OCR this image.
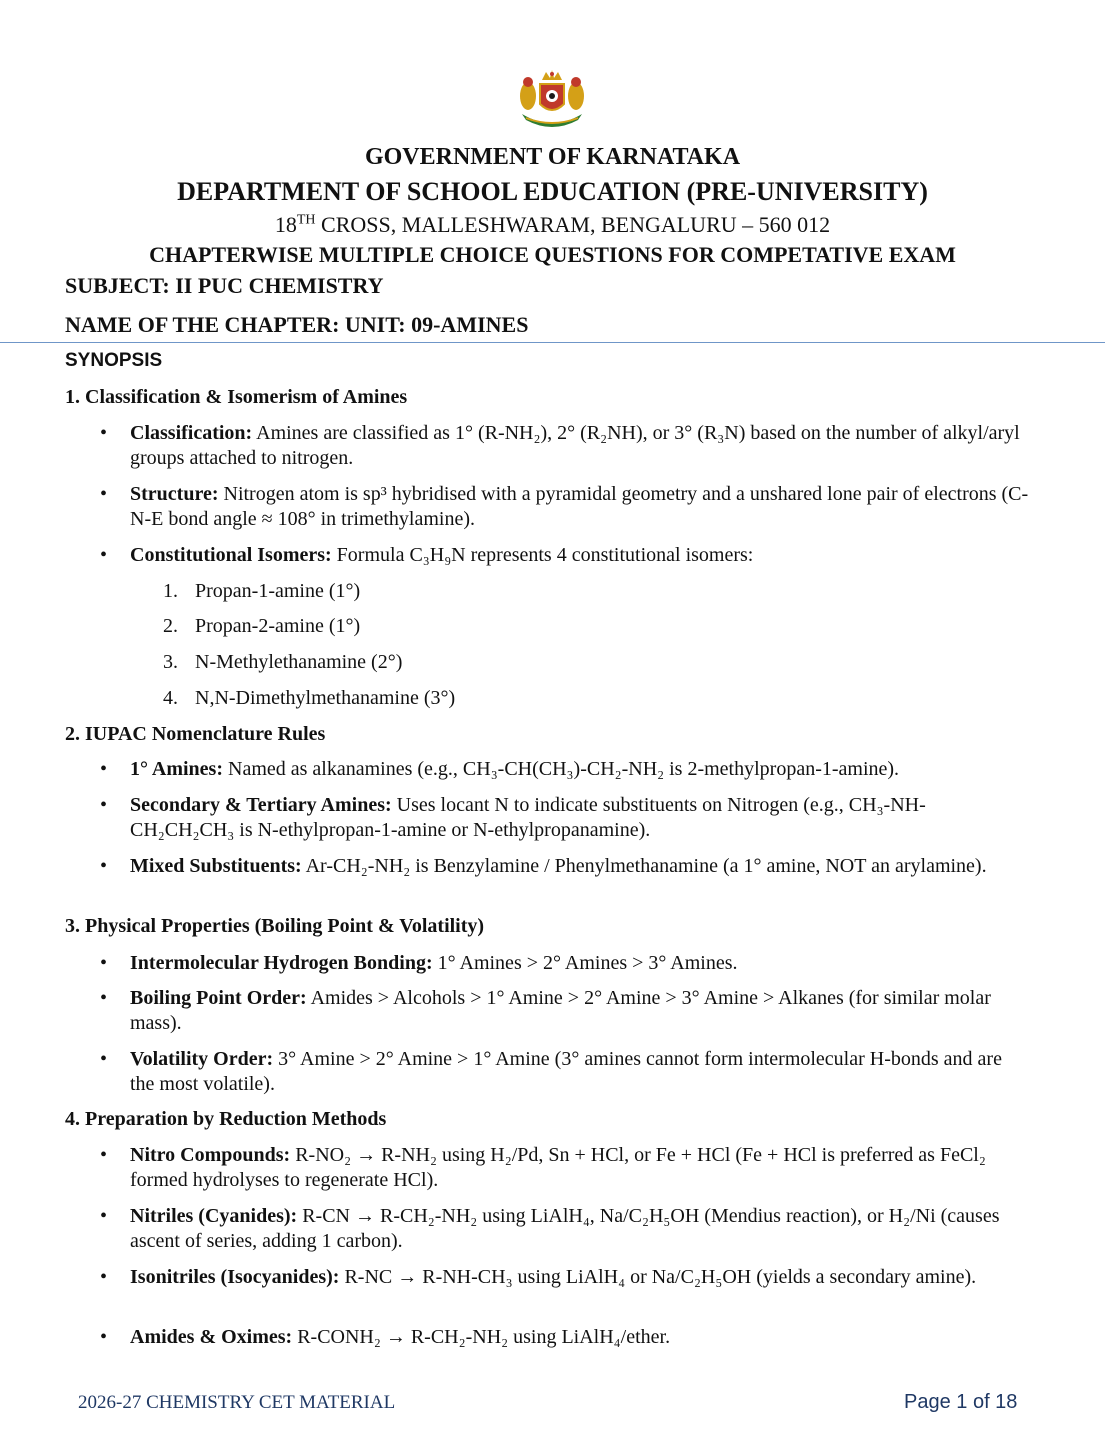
GOVERNMENT OF KARNATAKA
DEPARTMENT OF SCHOOL EDUCATION (PRE-UNIVERSITY)
18TH CROSS, MALLESHWARAM, BENGALURU – 560 012
CHAPTERWISE MULTIPLE CHOICE QUESTIONS FOR COMPETATIVE EXAM
SUBJECT: II PUC CHEMISTRY
NAME OF THE CHAPTER: UNIT: 09-AMINES
SYNOPSIS
1. Classification & Isomerism of Amines
• Classification: Amines are classified as 1° (R-NH₂), 2° (R₂NH), or 3° (R₃N) based on the number of alkyl/aryl groups attached to nitrogen.
• Structure: Nitrogen atom is sp³ hybridised with a pyramidal geometry and a unshared lone pair of electrons (C-N-E bond angle ≈ 108° in trimethylamine).
• Constitutional Isomers: Formula C₃H₉N represents 4 constitutional isomers:
1. Propan-1-amine (1°)
2. Propan-2-amine (1°)
3. N-Methylethanamine (2°)
4. N,N-Dimethylmethanamine (3°)
2. IUPAC Nomenclature Rules
• 1° Amines: Named as alkanamines (e.g., CH₃-CH(CH₃)-CH₂-NH₂ is 2-methylpropan-1-amine).
• Secondary & Tertiary Amines: Uses locant N to indicate substituents on Nitrogen (e.g., CH₃-NH-CH₂CH₂CH₃ is N-ethylpropan-1-amine or N-ethylpropanamine).
• Mixed Substituents: Ar-CH₂-NH₂ is Benzylamine / Phenylmethanamine (a 1° amine, NOT an arylamine).
3. Physical Properties (Boiling Point & Volatility)
• Intermolecular Hydrogen Bonding: 1° Amines > 2° Amines > 3° Amines.
• Boiling Point Order: Amides > Alcohols > 1° Amine > 2° Amine > 3° Amine > Alkanes (for similar molar mass).
• Volatility Order: 3° Amine > 2° Amine > 1° Amine (3° amines cannot form intermolecular H-bonds and are the most volatile).
4. Preparation by Reduction Methods
• Nitro Compounds: R-NO₂ → R-NH₂ using H₂/Pd, Sn + HCl, or Fe + HCl (Fe + HCl is preferred as FeCl₂ formed hydrolyses to regenerate HCl).
• Nitriles (Cyanides): R-CN → R-CH₂-NH₂ using LiAlH₄, Na/C₂H₅OH (Mendius reaction), or H₂/Ni (causes ascent of series, adding 1 carbon).
• Isonitriles (Isocyanides): R-NC → R-NH-CH₃ using LiAlH₄ or Na/C₂H₅OH (yields a secondary amine).
• Amides & Oximes: R-CONH₂ → R-CH₂-NH₂ using LiAlH₄/ether.
2026-27 CHEMISTRY CET MATERIAL	Page 1 of 18
